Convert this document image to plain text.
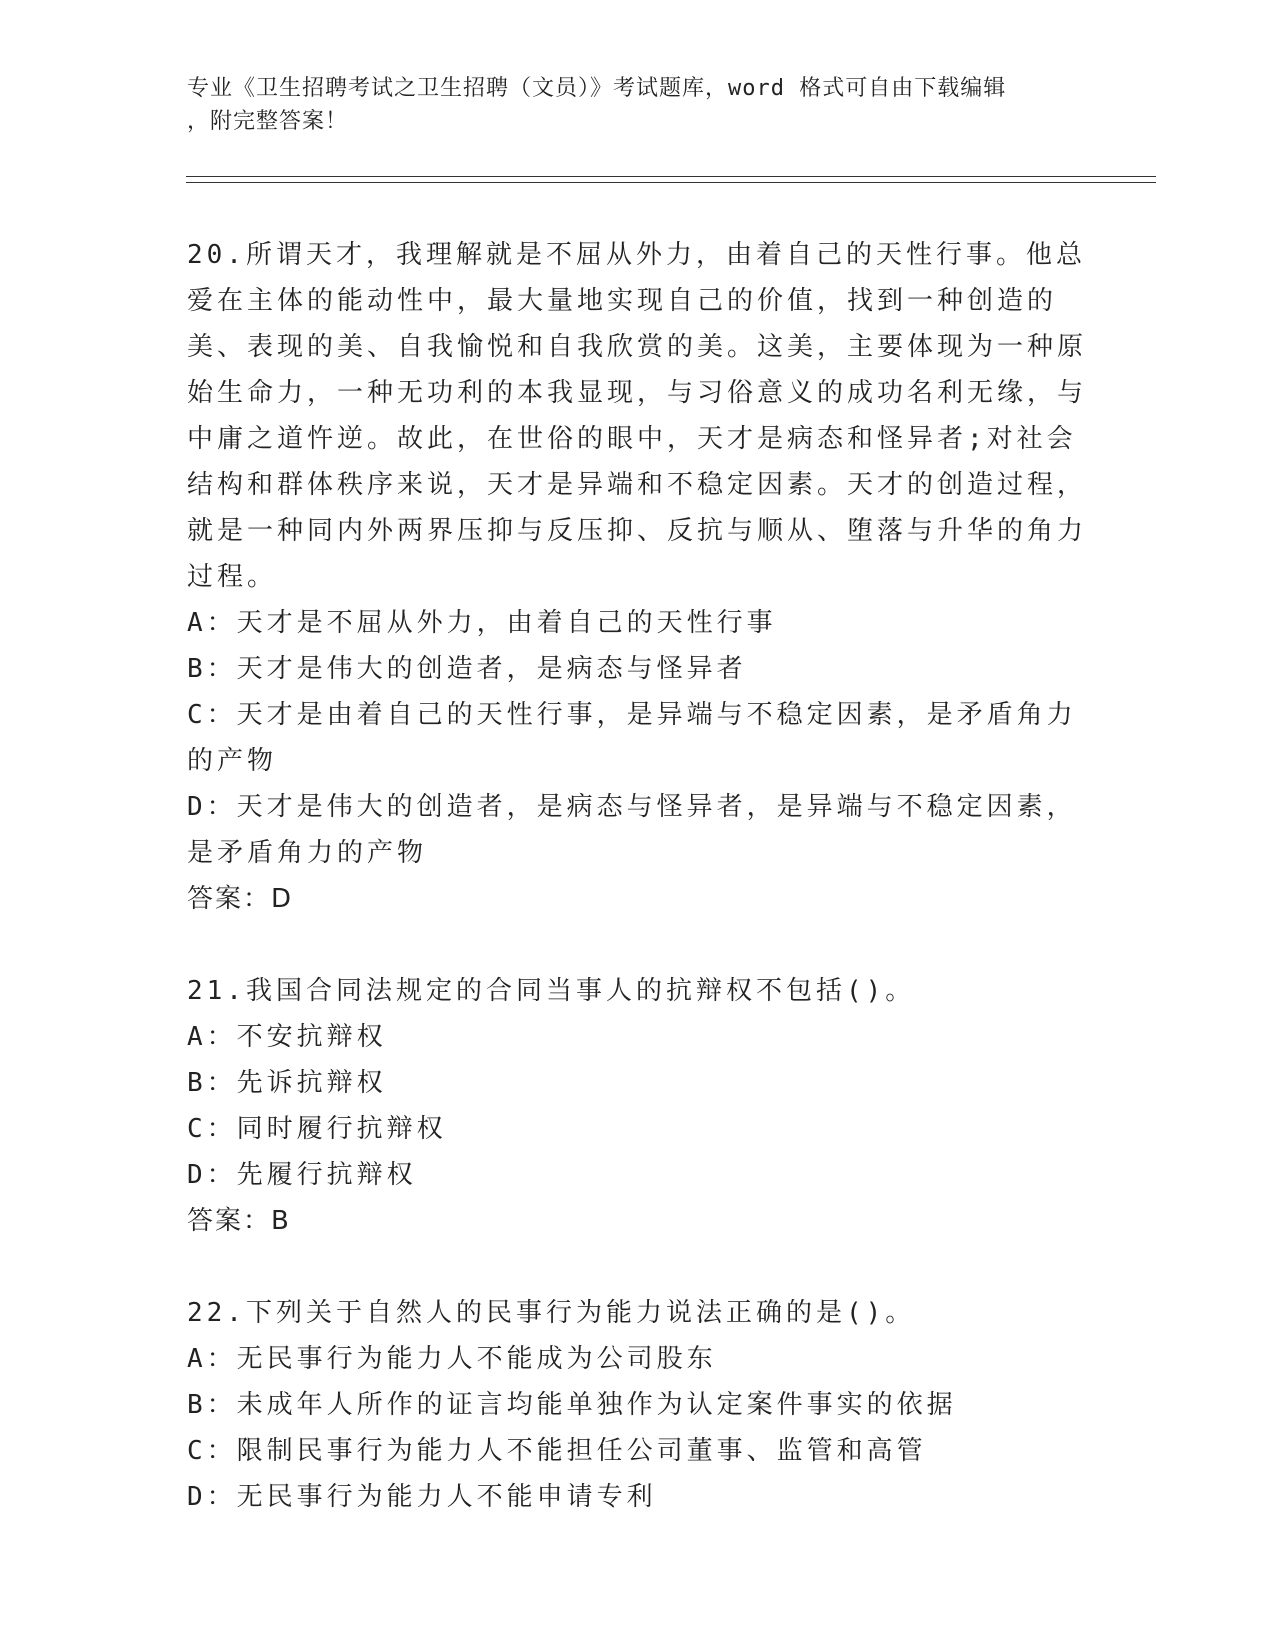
专业《卫生招聘考试之卫生招聘（文员）》考试题库，word 格式可自由下载编辑
，附完整答案！

20.所谓天才，我理解就是不屈从外力，由着自己的天性行事。他总爱在主体的能动性中，最大量地实现自己的价值，找到一种创造的美、表现的美、自我愉悦和自我欣赏的美。这美，主要体现为一种原始生命力，一种无功利的本我显现，与习俗意义的成功名利无缘，与中庸之道忤逆。故此，在世俗的眼中，天才是病态和怪异者;对社会结构和群体秩序来说，天才是异端和不稳定因素。天才的创造过程，就是一种同内外两界压抑与反压抑、反抗与顺从、堕落与升华的角力过程。

A：天才是不屈从外力，由着自己的天性行事

B：天才是伟大的创造者，是病态与怪异者

C：天才是由着自己的天性行事，是异端与不稳定因素，是矛盾角力的产物

D：天才是伟大的创造者，是病态与怪异者，是异端与不稳定因素，是矛盾角力的产物

答案：D

21.我国合同法规定的合同当事人的抗辩权不包括()。

A：不安抗辩权

B：先诉抗辩权

C：同时履行抗辩权

D：先履行抗辩权

答案：B

22.下列关于自然人的民事行为能力说法正确的是()。

A：无民事行为能力人不能成为公司股东

B：未成年人所作的证言均能单独作为认定案件事实的依据

C：限制民事行为能力人不能担任公司董事、监管和高管

D：无民事行为能力人不能申请专利
